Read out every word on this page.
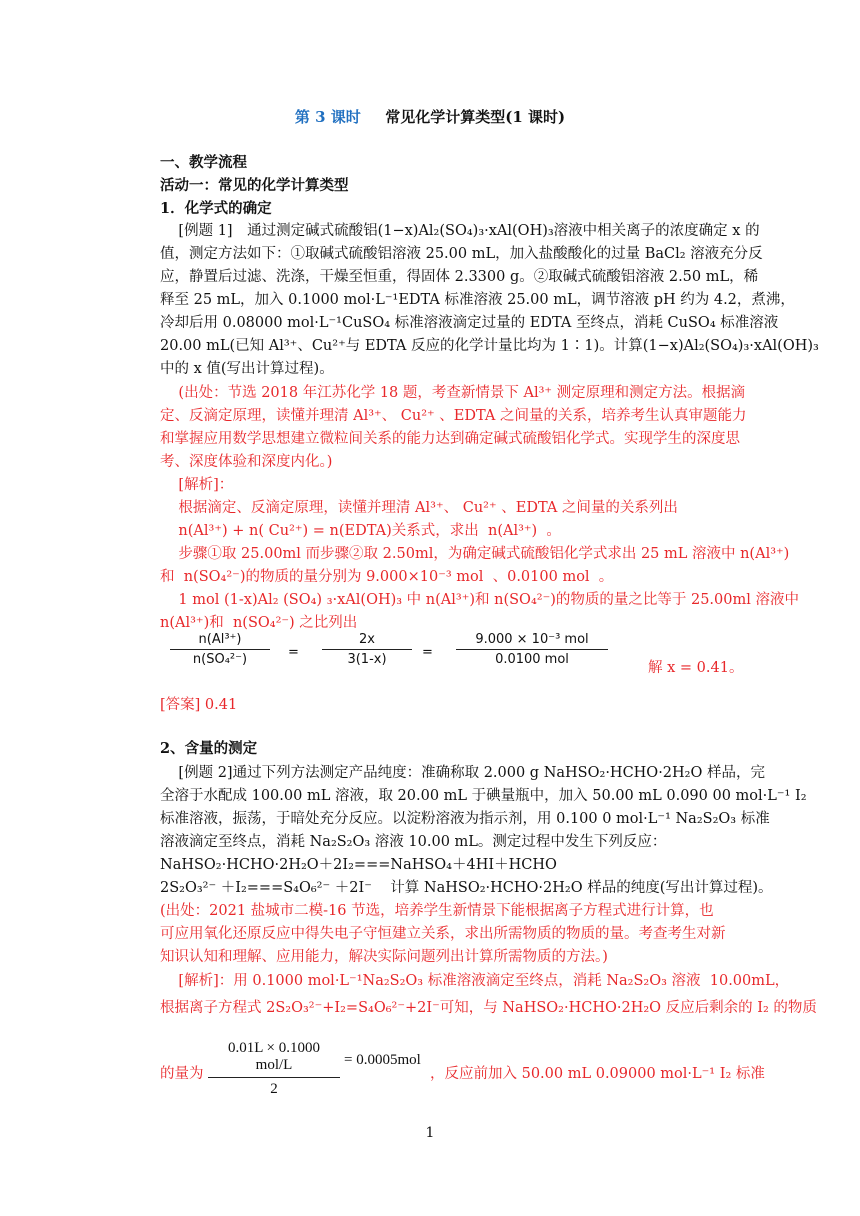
第 3 课时 常见化学计算类型(1 课时)
一、教学流程
活动一：常见的化学计算类型
1．化学式的确定
[例题 1]　通过测定碱式硫酸铝(1−x)Al₂(SO₄)₃·xAl(OH)₃溶液中相关离子的浓度确定 x 的
值，测定方法如下：①取碱式硫酸铝溶液 25.00 mL，加入盐酸酸化的过量 BaCl₂ 溶液充分反
应，静置后过滤、洗涤，干燥至恒重，得固体 2.3300 g。②取碱式硫酸铝溶液 2.50 mL，稀
释至 25 mL，加入 0.1000 mol·L⁻¹EDTA 标准溶液 25.00 mL，调节溶液 pH 约为 4.2，煮沸，
冷却后用 0.08000 mol·L⁻¹CuSO₄ 标准溶液滴定过量的 EDTA 至终点，消耗 CuSO₄ 标准溶液
20.00 mL(已知 Al³⁺、Cu²⁺与 EDTA 反应的化学计量比均为 1∶1)。计算(1−x)Al₂(SO₄)₃·xAl(OH)₃
中的 x 值(写出计算过程)。
(出处：节选 2018 年江苏化学 18 题，考查新情景下 Al³⁺ 测定原理和测定方法。根据滴
定、反滴定原理，读懂并理清 Al³⁺、 Cu²⁺ 、EDTA 之间量的关系，培养考生认真审题能力
和掌握应用数学思想建立微粒间关系的能力达到确定碱式硫酸铝化学式。实现学生的深度思
考、深度体验和深度内化。)
[解析]：
根据滴定、反滴定原理，读懂并理清 Al³⁺、 Cu²⁺ 、EDTA 之间量的关系列出
n(Al³⁺) + n( Cu²⁺) = n(EDTA)关系式，求出  n(Al³⁺)  。
步骤①取 25.00ml 而步骤②取 2.50ml，为确定碱式硫酸铝化学式求出 25 mL 溶液中 n(Al³⁺)
和  n(SO₄²⁻)的物质的量分别为 9.000×10⁻³ mol  、0.0100 mol  。
1 mol (1-x)Al₂ (SO₄) ₃·xAl(OH)₃ 中 n(Al³⁺)和 n(SO₄²⁻)的物质的量之比等于 25.00ml 溶液中
n(Al³⁺)和  n(SO₄²⁻) 之比列出
[答案] 0.41
2、含量的测定
[例题 2]通过下列方法测定产品纯度：准确称取 2.000 g NaHSO₂·HCHO·2H₂O 样品，完
全溶于水配成 100.00 mL 溶液，取 20.00 mL 于碘量瓶中，加入 50.00 mL 0.090 00 mol·L⁻¹ I₂
标准溶液，振荡，于暗处充分反应。以淀粉溶液为指示剂，用 0.100 0 mol·L⁻¹ Na₂S₂O₃ 标准
溶液滴定至终点，消耗 Na₂S₂O₃ 溶液 10.00 mL。测定过程中发生下列反应：
NaHSO₂·HCHO·2H₂O＋2I₂===NaHSO₄＋4HI＋HCHO
2S₂O₃²⁻ ＋I₂===S₄O₆²⁻ ＋2I⁻    计算 NaHSO₂·HCHO·2H₂O 样品的纯度(写出计算过程)。
(出处：2021 盐城市二模-16 节选，培养学生新情景下能根据离子方程式进行计算，也
可应用氧化还原反应中得失电子守恒建立关系，求出所需物质的物质的量。考查考生对新
知识认知和理解、应用能力，解决实际问题列出计算所需物质的方法。)
[解析]：用 0.1000 mol·L⁻¹Na₂S₂O₃ 标准溶液滴定至终点，消耗 Na₂S₂O₃ 溶液  10.00mL，
根据离子方程式 2S₂O₃²⁻+I₂=S₄O₆²⁻+2I⁻可知，与 NaHSO₂·HCHO·2H₂O 反应后剩余的 I₂ 的物质
n(Al³⁺)
n(SO₄²⁻)	=
2x
3(1-x)	=
9.000 × 10⁻³ mol
0.0100 mol
解 x = 0.41。
的量为
0.01L × 0.1000 mol/L
2
= 0.0005mol
，反应前加入 50.00 mL 0.09000 mol·L⁻¹ I₂ 标准
1
